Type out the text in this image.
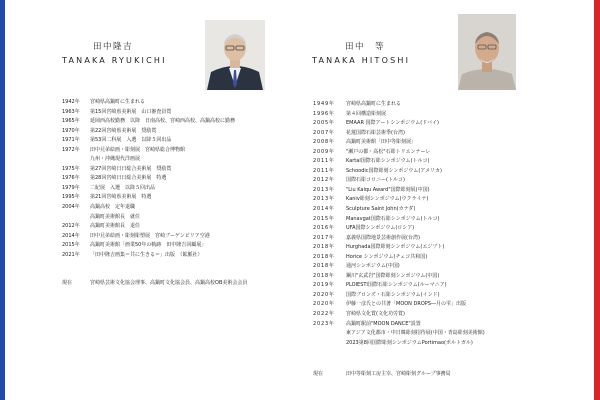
田中隆吉
TANAKA RYUKICHI
1942年	宮崎県高鍋町に生まれる
1963年	第15回宮崎県美術展　山口審査員賞
1965年	延岡西高校勤務　以降　日南高校、宮崎西高校、高鍋高校に勤務
1970年	第22回宮崎県美術展　奨励賞
1971年	第53回二科展　入選　以降５回出品
1972年	田中兄弟絵画・彫刻展　宮崎県総合博物館
九州・沖縄現代洋画展
1975年	第27回宮崎日日総合美術展　奨励賞
1976年	第28回宮崎日日総合美術展　特選
1979年	二紀展　入選　以降５回出品
1995年	第21回宮崎県美術展　特選
2004年	高鍋高校　定年退職
高鍋町美術館長　就任
2012年	高鍋町美術館長　退任
2014年	田中兄弟絵画・彫刻彫塑展　宮崎ブーゲンビリア空港
2015年	高鍋町美術館「画業50年の軌跡　田中隆吉回顧展」
2021年	「田中隆吉画集＝共に生きる＝」出版　（鉱脈社）
現在	宮崎県芸術文化協会理事、高鍋町文化協会員、高鍋高校OB美術会会員
田中　等
TANAKA HITOSHI
1949年	宮崎県高鍋町に生まれる
1996年	第４回構造彫刻展
2005年	EMAAR 国際アートシンポジウム(ドバイ)
2007年	花蓮国際石彫芸術季(台湾)
2008年	高鍋町美術館「田中等彫刻展」
2009年	"瀬戸の都・高松"石彫トリエンナーレ
2011年	Kartal国際石彫シンポジウム(トルコ)
2011年	Schoodic国際彫刻シンポジウム(アメリカ)
2012年	国際石彫コロニー(トルコ)
2013年	"Liu Kaiqu Award"国際彫刻展(中国)
2013年	Kaniv彫刻シンポジウム(ウクライナ)
2014年	Sculpture Saint John(カナダ)
2015年	Manavgat国際石彫シンポジウム(トルコ)
2016年	UFA国際シンポジウム(ロシア)
2017年	嘉義県国際地景芸術創作展(台湾)
2018年	Hurghada国際彫刻シンポジウム(エジプト)
2018年	Horice シンポジウム(チェコ共和国)
2018年	通河シンポジウム(中国)
2018年	鋼川"玄武岩"国際彫刻シンポジウム(中国)
2019年	PLOIESTI国際石彫シンポジウム(ルーマニア)
2020年	国際ブロンズ・石彫シンポジウム(インド)
2020年	伊藤一彦氏との共著「MOON DROPS―月の雫」出版
2022年	宮崎県文化賞(文化功労賞)
2023年	高鍋町駅前"MOON DANCE"設置
東アジア文化都市・中日韓彫刻招待展(中国・青島彫刻美術館)
2023第8回国際彫刻シンポジウムPortimao(ポルトガル)
現在	田中等彫刻工房主宰、宮崎彫刻グループ事務局
